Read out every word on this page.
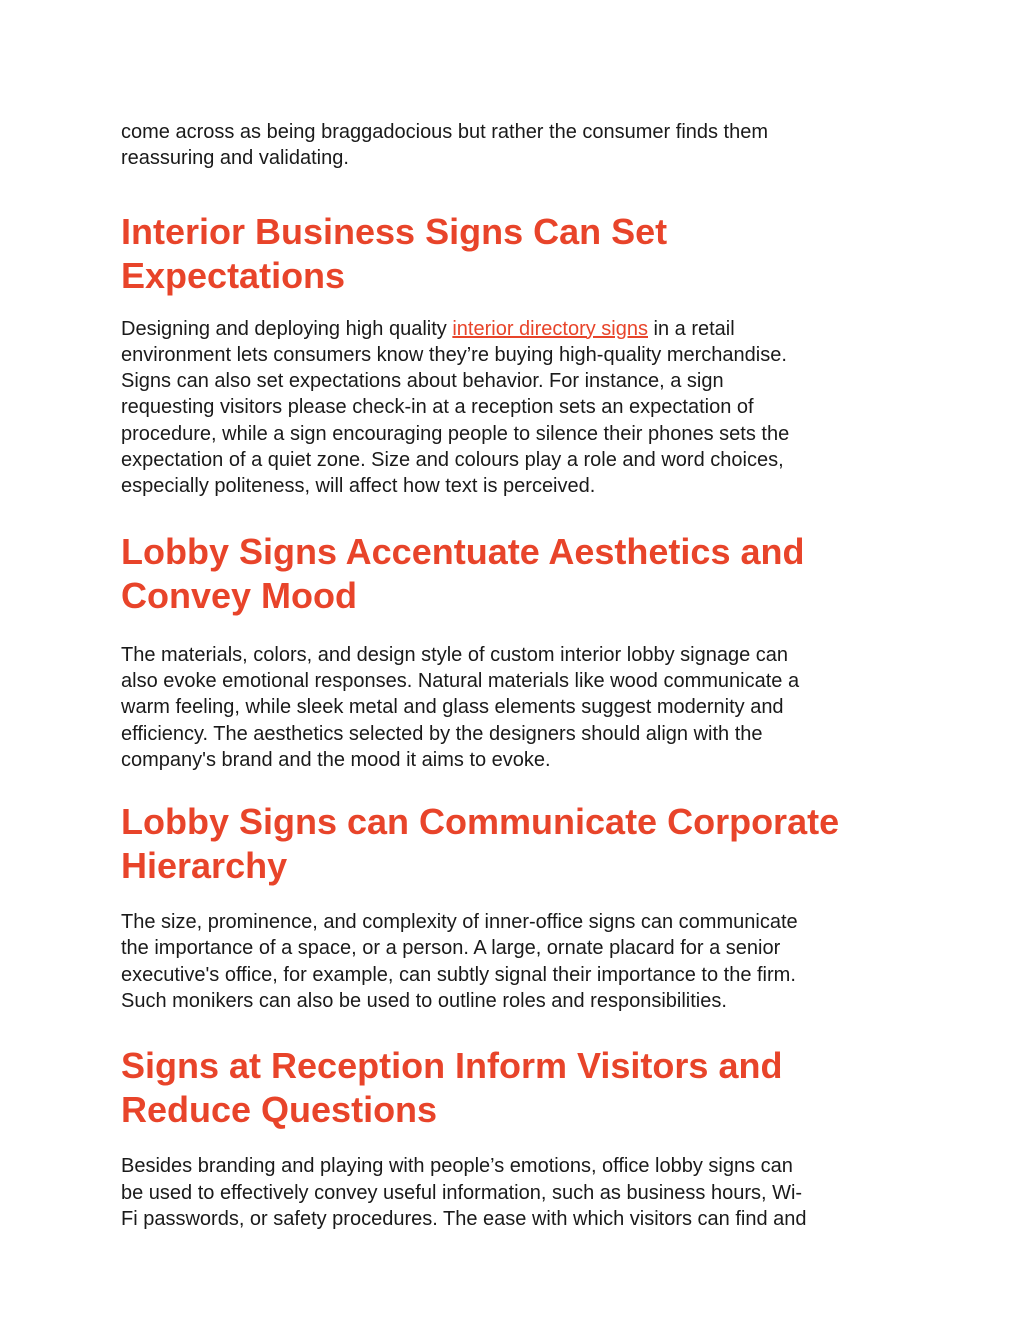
come across as being braggadocious but rather the consumer finds them
reassuring and validating.

Interior Business Signs Can Set
Expectations

Designing and deploying high quality interior directory signs in a retail
environment lets consumers know they’re buying high-quality merchandise.
Signs can also set expectations about behavior. For instance, a sign
requesting visitors please check-in at a reception sets an expectation of
procedure, while a sign encouraging people to silence their phones sets the
expectation of a quiet zone. Size and colours play a role and word choices,
especially politeness, will affect how text is perceived.

Lobby Signs Accentuate Aesthetics and
Convey Mood

The materials, colors, and design style of custom interior lobby signage can
also evoke emotional responses. Natural materials like wood communicate a
warm feeling, while sleek metal and glass elements suggest modernity and
efficiency. The aesthetics selected by the designers should align with the
company's brand and the mood it aims to evoke.

Lobby Signs can Communicate Corporate
Hierarchy

The size, prominence, and complexity of inner-office signs can communicate
the importance of a space, or a person. A large, ornate placard for a senior
executive's office, for example, can subtly signal their importance to the firm.
Such monikers can also be used to outline roles and responsibilities.

Signs at Reception Inform Visitors and
Reduce Questions

Besides branding and playing with people’s emotions, office lobby signs can
be used to effectively convey useful information, such as business hours, Wi-
Fi passwords, or safety procedures. The ease with which visitors can find and
